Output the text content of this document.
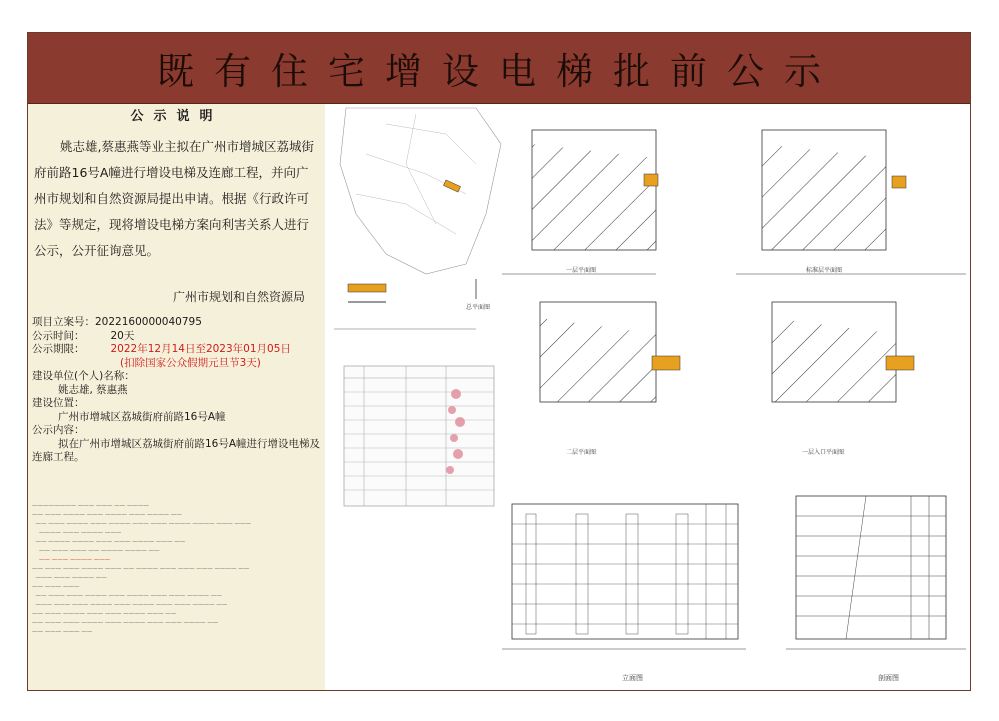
既有住宅增设电梯批前公示
公示说明
姚志雄,蔡惠燕等业主拟在广州市增城区荔城街府前路16号A幢进行增设电梯及连廊工程，并向广州市规划和自然资源局提出申请。根据《行政许可法》等规定，现将增设电梯方案向利害关系人进行公示，公开征询意见。
广州市规划和自然资源局
项目立案号：2022160000040795
公示时间： 20天
公示期限： 2022年12月14日至2023年01月05日
(扣除国家公众假期元旦节3天)
建设单位(个人)名称：
姚志雄, 蔡惠燕
建设位置：
广州市增城区荔城街府前路16号A幢
公示内容：
拟在广州市增城区荔城街府前路16号A幢进行增设电梯及连廊工程。
———————— ——— ——— —— ————
—— ——— ———— ——— ———— ——— ———— ——
—— ——— ———— ——— ———— ——— ——— ———— ———— ——— ———
———— ——— ———— ———
—— ———— ———— ——— ——— ———— ——— ——
—— ——— ——— —— ———— ———— ——
—— ——— ———— ———
—— ——— ——— ———— ——— —— ———— ——— ——— ——— ———— ——
——— ——— ———— ——
—— ——— ———
—— ——— ——— ———— ——— ———— ——— ——— ———— ——
——— ——— ——— ———— ——— ———— ——— ——— ———— ——
—— ——— ———— ——— ——— ———— ——— ——
—— ——— ——— ———— ——— ———— ——— ——— ———— ——
—— ——— ——— ——
总平面图
一层平面图	标准层平面图
二层平面图	一层入口平面图
立面图	剖面图
